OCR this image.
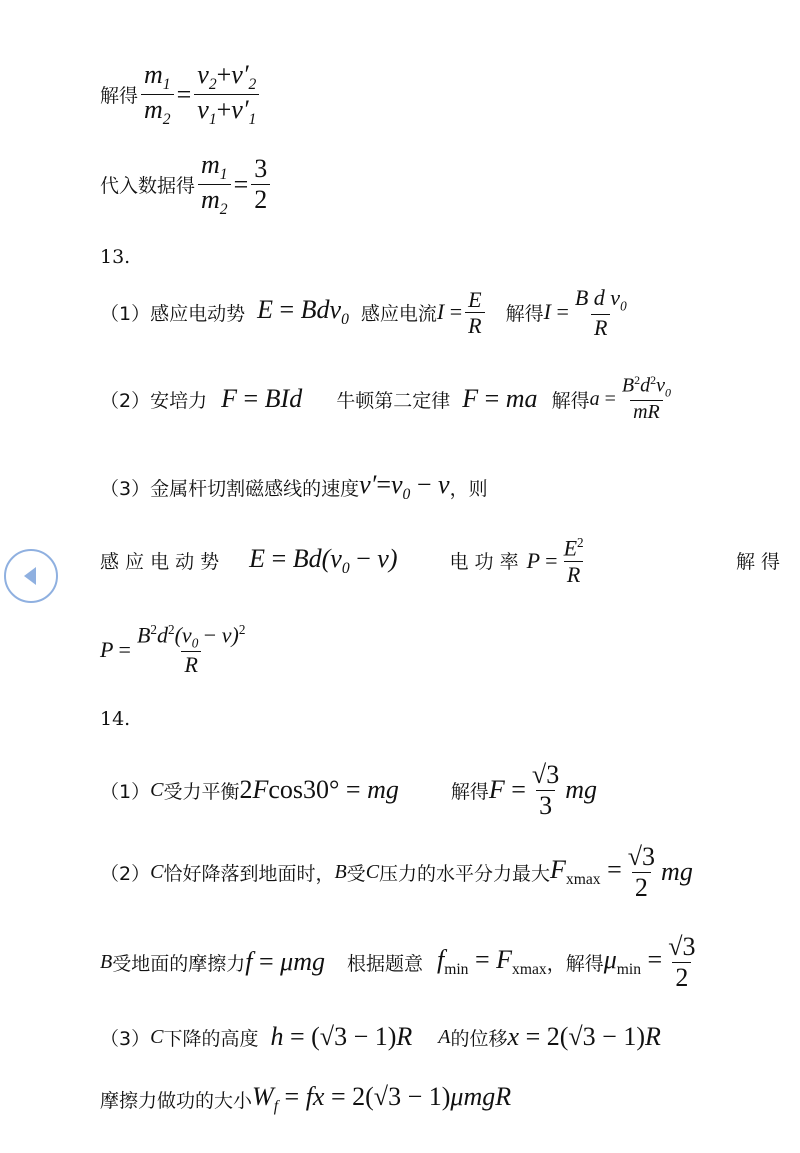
解得 $\frac{m_1}{m_2} = \frac{v_2+v'_2}{v_1+v'_1}$
代入数据得 $\frac{m_1}{m_2} = \frac{3}{2}$
13.
（1）感应电动势 E = Bdv$_0$ 感应电流 $I = \frac{E}{R}$ 解得 $I = \frac{B d v_0}{R}$
（2）安培力 F = BId 牛顿第二定律 F = ma 解得 $a = \frac{B^2d^2v_0}{mR}$
（3）金属杆切割磁感线的速度 $v'=v_0 - v$ ，则
感 应 电 动 势 $E = Bd(v_0 - v)$	电 功 率 $P = \frac{E^2}{R}$	解 得
$P = \frac{B^2d^2(v_0 - v)^2}{R}$
14.
（1） C 受力平衡 2Fcos30° = mg	解得 $F = \frac{√3}{3}$ mg
（2） C 恰好降落到地面时， B 受 C 压力的水平分力最大 $F_{xmax} = \frac{√3}{2}$ mg
B 受地面的摩擦力 f = μmg 根据题意 $f_{min} = F_{xmax}$ ，解得 $\mu_{min} = \frac{√3}{2}$
（3） C 下降的高度 h = (√3 − 1)R A 的位移 x = 2(√3 − 1)R
摩擦力做功的大小 $W_f$ = fx = 2(√3 − 1)μmgR
